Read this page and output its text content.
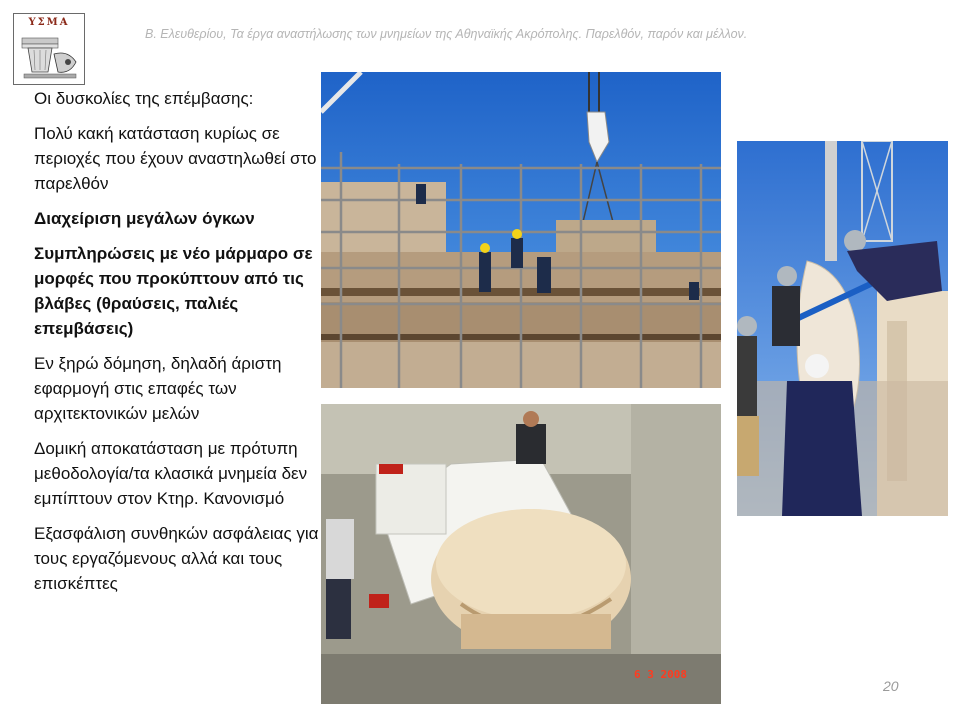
ΥΣΜΑ
Β. Ελευθερίου, Τα έργα αναστήλωσης των μνημείων της Αθηναϊκής Ακρόπολης. Παρελθόν, παρόν και μέλλον.

Οι δυσκολίες της επέμβασης:

Πολύ κακή κατάσταση κυρίως σε περιοχές που έχουν αναστηλωθεί στο παρελθόν

Διαχείριση μεγάλων όγκων

Συμπληρώσεις με νέο μάρμαρο σε μορφές που προκύπτουν από τις βλάβες (θραύσεις, παλιές επεμβάσεις)

Εν ξηρώ δόμηση, δηλαδή άριστη εφαρμογή στις επαφές των αρχιτεκτονικών μελών

Δομική αποκατάσταση με πρότυπη μεθοδολογία/τα κλασικά μνημεία δεν εμπίπτουν στον Κτηρ. Κανονισμό

Εξασφάλιση συνθηκών ασφάλειας για τους εργαζόμενους αλλά και τους επισκέπτες

6 3 2008
20
